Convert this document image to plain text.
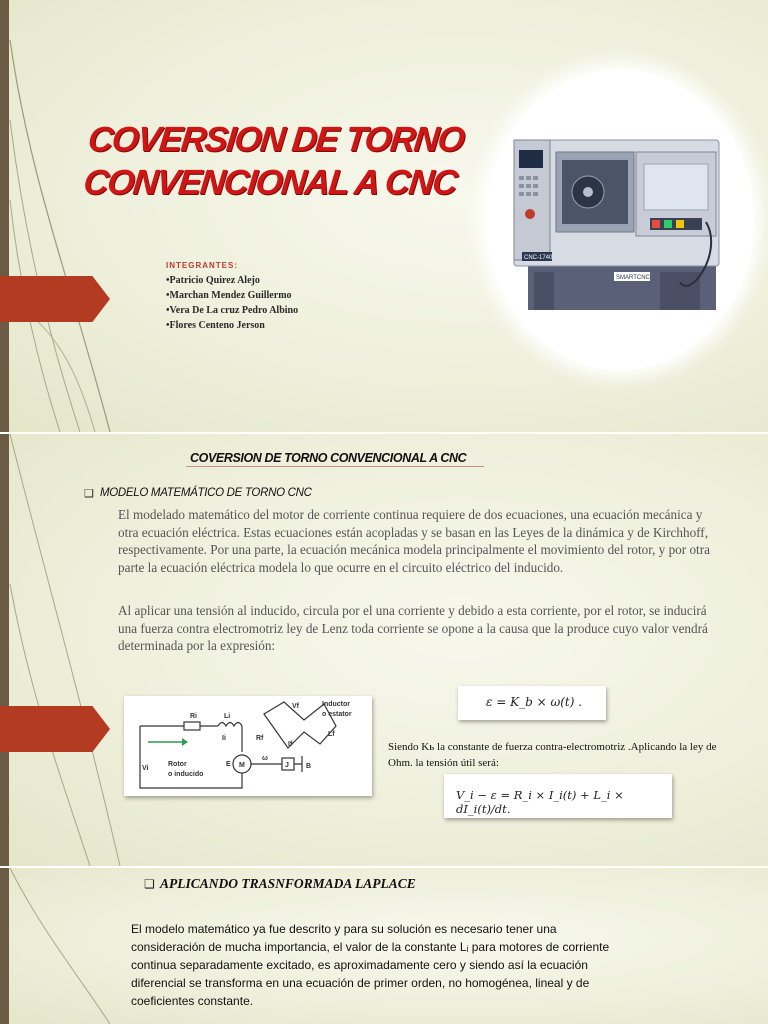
COVERSION DE TORNO
CONVENCIONAL A CNC
INTEGRANTES:
•Patricio Quirez Alejo
•Marchan Mendez Guillermo
•Vera De La cruz Pedro Albino
•Flores Centeno Jerson
CNC-1740
SMARTCNC
COVERSION DE TORNO CONVENCIONAL A CNC
❑ MODELO MATEMÁTICO DE TORNO CNC

El modelado matemático del motor de corriente continua requiere de dos ecuaciones, una ecuación mecánica y otra ecuación eléctrica. Estas ecuaciones están acopladas y se basan en las Leyes de la dinámica y de Kirchhoff, respectivamente. Por una parte, la ecuación mecánica modela principalmente el movimiento del rotor, y por otra parte la ecuación eléctrica modela lo que ocurre en el circuito eléctrico del inducido.

Al aplicar una tensión al inducido, circula por el una corriente y debido a esta corriente, por el rotor, se inducirá una fuerza contra electromotriz ley de Lenz toda corriente se opone a la causa que la produce cuyo valor vendrá determinada por la expresión:

Ri	Li
Ii
Vi
Rotor
o inducido
Inductor
o estator
Vf
Rf
Lf
If
E M
ω
J B
ε = K_b × ω(t) .

Siendo Kь la constante de fuerza contra-electromotriz .Aplicando la ley de Ohm. la tensión útil será:

V_i − ε = R_i × I_i(t) + L_i × dI_i(t)/dt.
❑ APLICANDO TRASNFORMADA LAPLACE

El modelo matemático ya fue descrito y para su solución es necesario tener una consideración de mucha importancia, el valor de la constante Lᵢ para motores de corriente continua separadamente excitado, es aproximadamente cero y siendo así la ecuación diferencial se transforma en una ecuación de primer orden, no homogénea, lineal y de coeficientes constante.
